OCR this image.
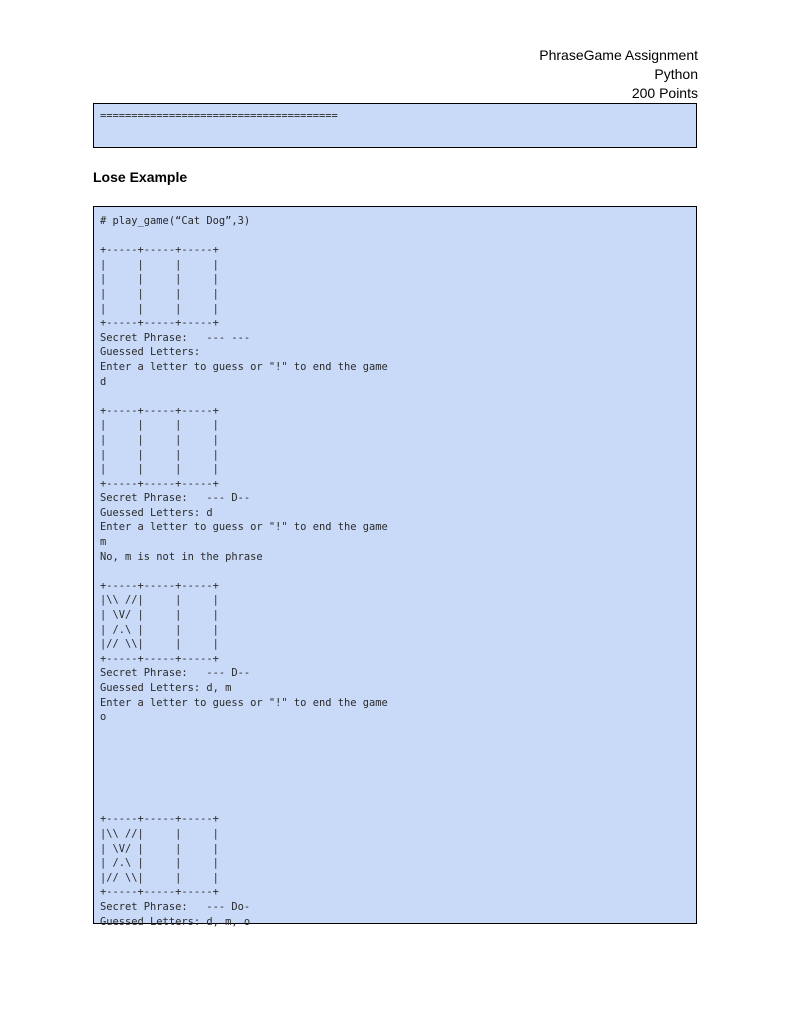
PhraseGame Assignment
Python
200 Points
======================================
Lose Example
# play_game(“Cat Dog”,3)

+-----+-----+-----+
|     |     |     |
|     |     |     |
|     |     |     |
|     |     |     |
+-----+-----+-----+
Secret Phrase:   --- ---
Guessed Letters:
Enter a letter to guess or "!" to end the game
d

+-----+-----+-----+
|     |     |     |
|     |     |     |
|     |     |     |
|     |     |     |
+-----+-----+-----+
Secret Phrase:   --- D--
Guessed Letters: d
Enter a letter to guess or "!" to end the game
m
No, m is not in the phrase

+-----+-----+-----+
|\\ //|     |     |
| \V/ |     |     |
| /.\ |     |     |
|// \\|     |     |
+-----+-----+-----+
Secret Phrase:   --- D--
Guessed Letters: d, m
Enter a letter to guess or "!" to end the game
o

+-----+-----+-----+
|\\ //|     |     |
| \V/ |     |     |
| /.\ |     |     |
|// \\|     |     |
+-----+-----+-----+
Secret Phrase:   --- Do-
Guessed Letters: d, m, o
